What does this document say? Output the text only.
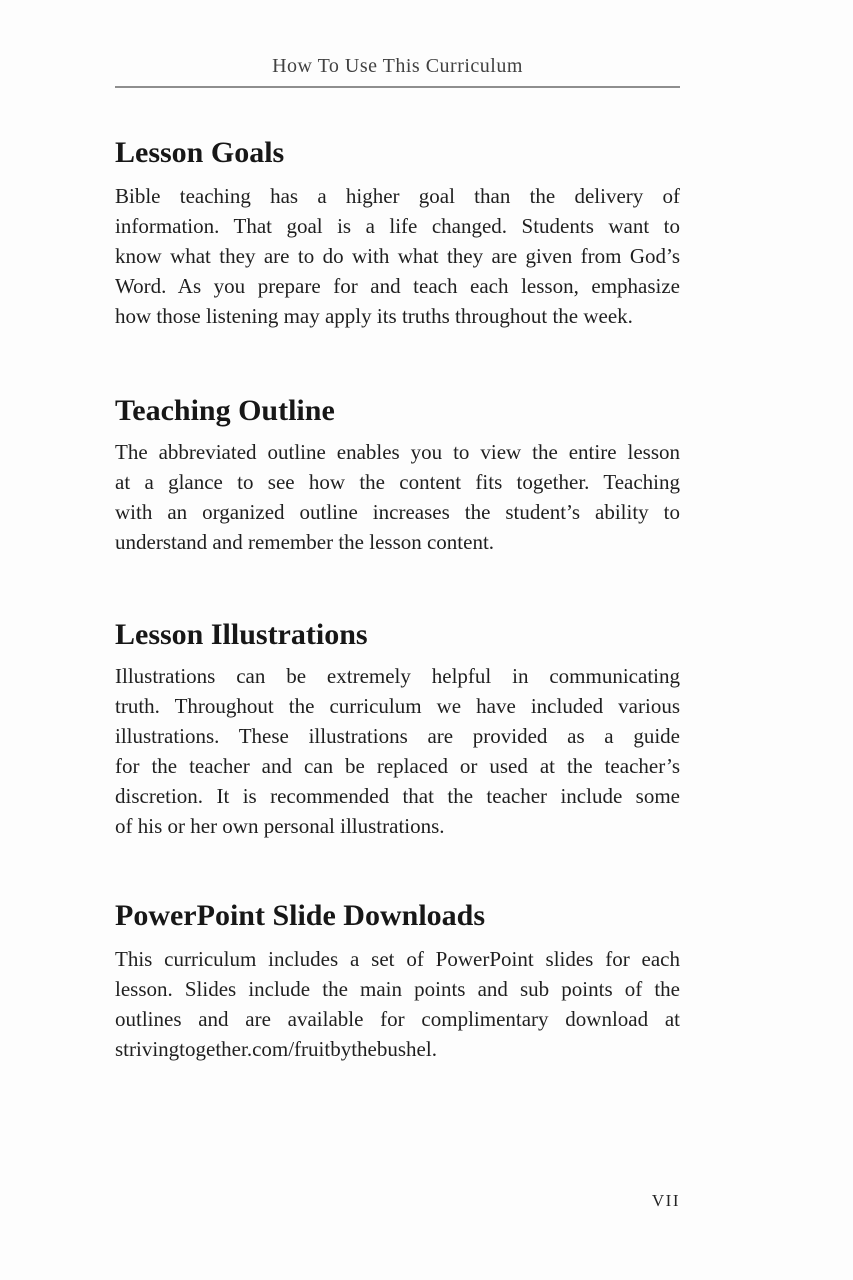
How To Use This Curriculum
Lesson Goals
Bible teaching has a higher goal than the delivery of
information. That goal is a life changed. Students want to
know what they are to do with what they are given from God’s
Word. As you prepare for and teach each lesson, emphasize
how those listening may apply its truths throughout the week.
Teaching Outline
The abbreviated outline enables you to view the entire lesson
at a glance to see how the content fits together. Teaching
with an organized outline increases the student’s ability to
understand and remember the lesson content.
Lesson Illustrations
Illustrations can be extremely helpful in communicating
truth. Throughout the curriculum we have included various
illustrations. These illustrations are provided as a guide
for the teacher and can be replaced or used at the teacher’s
discretion. It is recommended that the teacher include some
of his or her own personal illustrations.
PowerPoint Slide Downloads
This curriculum includes a set of PowerPoint slides for each
lesson. Slides include the main points and sub points of the
outlines and are available for complimentary download at
strivingtogether.com/fruitbythebushel.
VII
